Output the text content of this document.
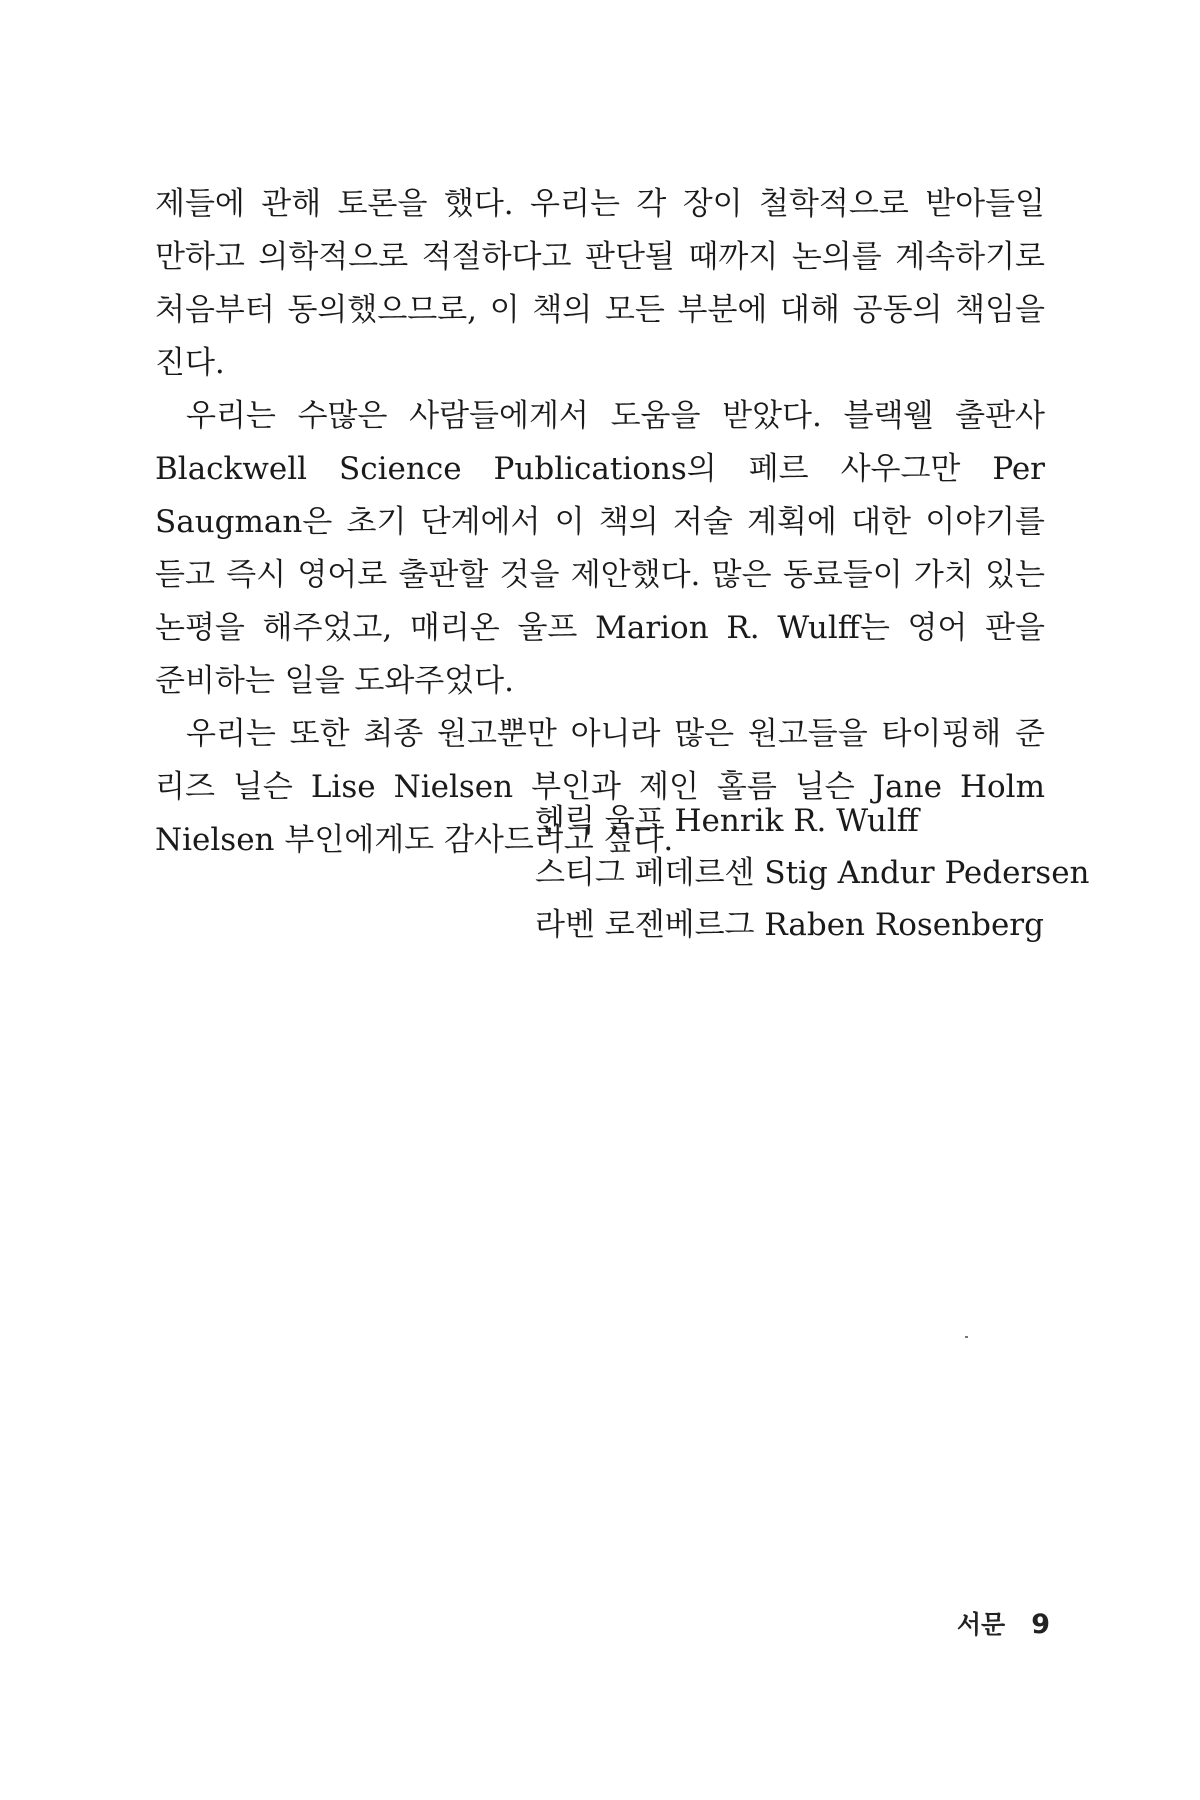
제들에 관해 토론을 했다. 우리는 각 장이 철학적으로 받아들일 만하고 의학적으로 적절하다고 판단될 때까지 논의를 계속하기로 처음부터 동의했으므로, 이 책의 모든 부분에 대해 공동의 책임을 진다.

우리는 수많은 사람들에게서 도움을 받았다. 블랙웰 출판사 Blackwell Science Publications의 페르 사우그만 Per Saugman은 초기 단계에서 이 책의 저술 계획에 대한 이야기를 듣고 즉시 영어로 출판할 것을 제안했다. 많은 동료들이 가치 있는 논평을 해주었고, 매리온 울프 Marion R. Wulff는 영어 판을 준비하는 일을 도와주었다.

우리는 또한 최종 원고뿐만 아니라 많은 원고들을 타이핑해 준 리즈 닐슨 Lise Nielsen 부인과 제인 홀름 닐슨 Jane Holm Nielsen 부인에게도 감사드리고 싶다.

헨릭 울프 Henrik R. Wulff
스티그 페데르센 Stig Andur Pedersen
라벤 로젠베르그 Raben Rosenberg
서문 9
